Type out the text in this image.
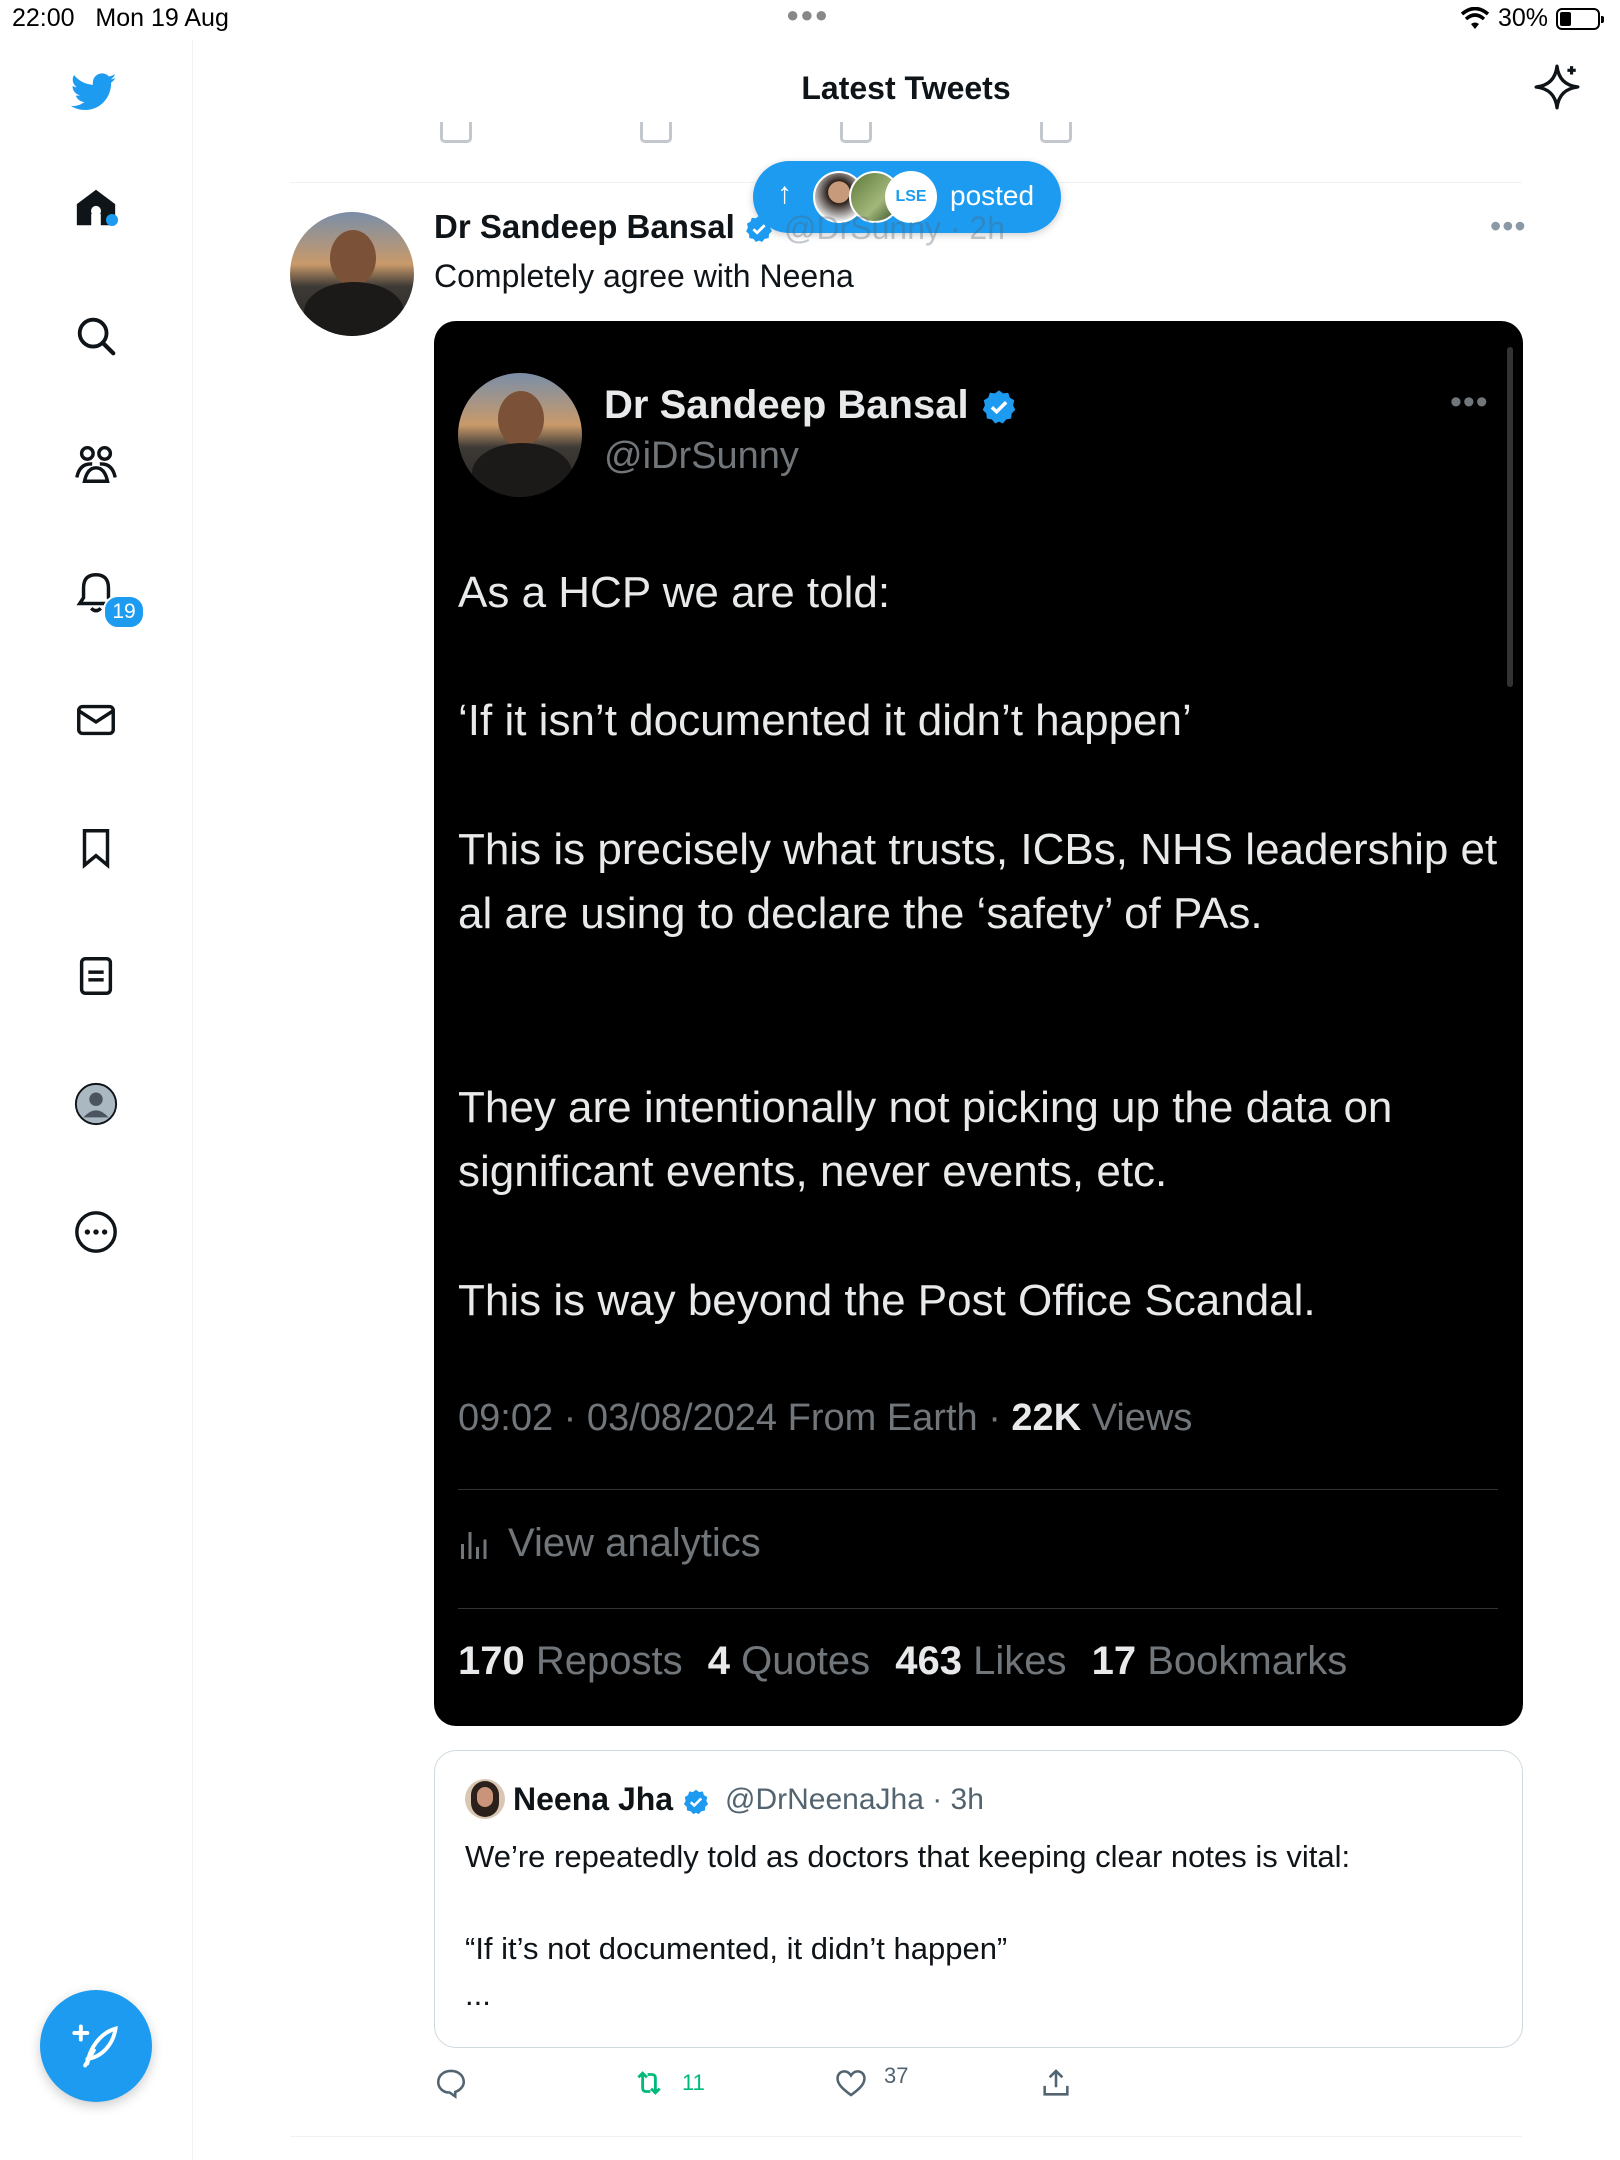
22:00 Mon 19 Aug	●●●	30%
19
Latest Tweets
↑	LSE posted
Dr Sandeep Bansal	@DrSunny · 2h	•••
Completely agree with Neena
Dr Sandeep Bansal
@iDrSunny
•••

As a HCP we are told:

‘If it isn’t documented it didn’t happen’

This is precisely what trusts, ICBs, NHS leadership et al are using to declare the ‘safety’ of PAs.

They are intentionally not picking up the data on significant events, never events, etc.

This is way beyond the Post Office Scandal.

09:02 · 03/08/2024 From Earth · 22K Views
View analytics
170 Reposts 4 Quotes 463 Likes 17 Bookmarks
Neena Jha	@DrNeenaJha · 3h
We’re repeatedly told as doctors that keeping clear notes is vital:
“If it’s not documented, it didn’t happen”
...
11	37
